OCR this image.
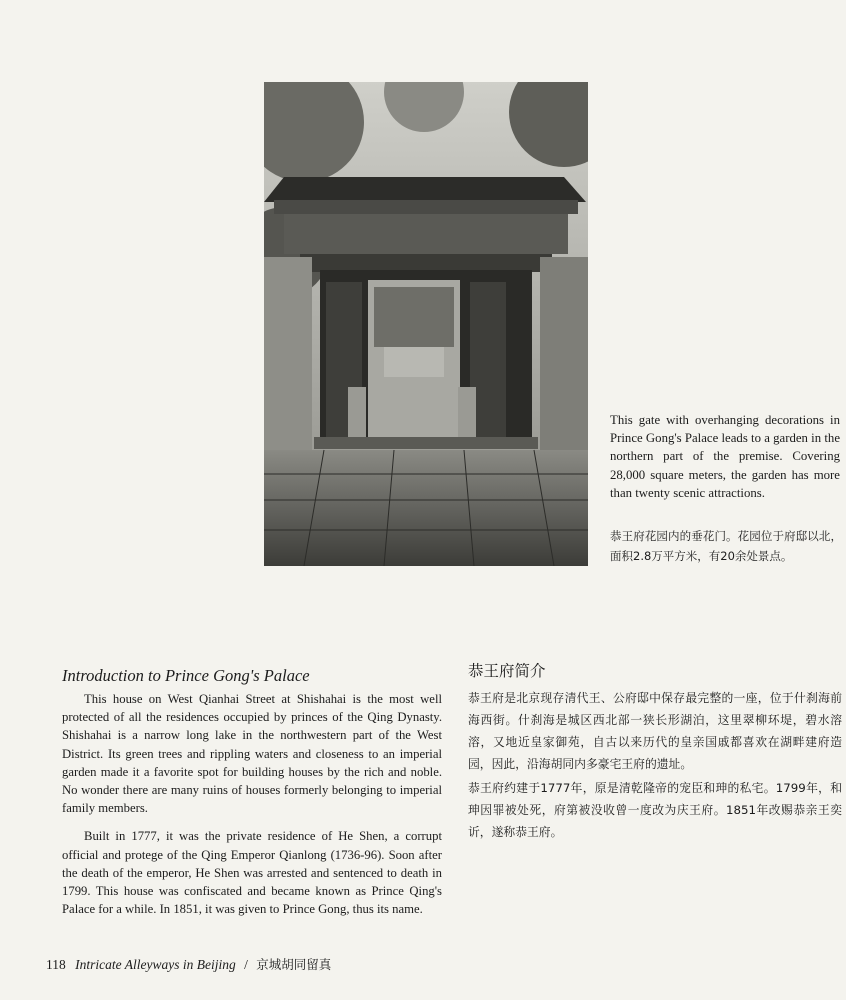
This gate with overhanging decorations in Prince Gong's Palace leads to a garden in the northern part of the premise. Covering 28,000 square meters, the garden has more than twenty scenic attractions.

恭王府花园内的垂花门。花园位于府邸以北，面积2.8万平方米，有20余处景点。

Introduction to Prince Gong's Palace

This house on West Qianhai Street at Shishahai is the most well protected of all the residences occupied by princes of the Qing Dynasty. Shishahai is a narrow long lake in the northwestern part of the West District. Its green trees and rippling waters and closeness to an imperial garden made it a favorite spot for building houses by the rich and noble. No wonder there are many ruins of houses formerly belonging to imperial family members.

Built in 1777, it was the private residence of He Shen, a corrupt official and protege of the Qing Emperor Qianlong (1736-96). Soon after the death of the emperor, He Shen was arrested and sentenced to death in 1799. This house was confiscated and became known as Prince Qing's Palace for a while. In 1851, it was given to Prince Gong, thus its name.

恭王府简介

恭王府是北京现存清代王、公府邸中保存最完整的一座，位于什刹海前海西街。什刹海是城区西北部一狭长形湖泊，这里翠柳环堤，碧水溶溶，又地近皇家御苑，自古以来历代的皇亲国戚都喜欢在湖畔建府造园，因此，沿海胡同内多豪宅王府的遗址。

恭王府约建于1777年，原是清乾隆帝的宠臣和珅的私宅。1799年，和珅因罪被处死，府第被没收曾一度改为庆王府。1851年改赐恭亲王奕䜣，遂称恭王府。

118 Intricate Alleyways in Beijing / 京城胡同留真
